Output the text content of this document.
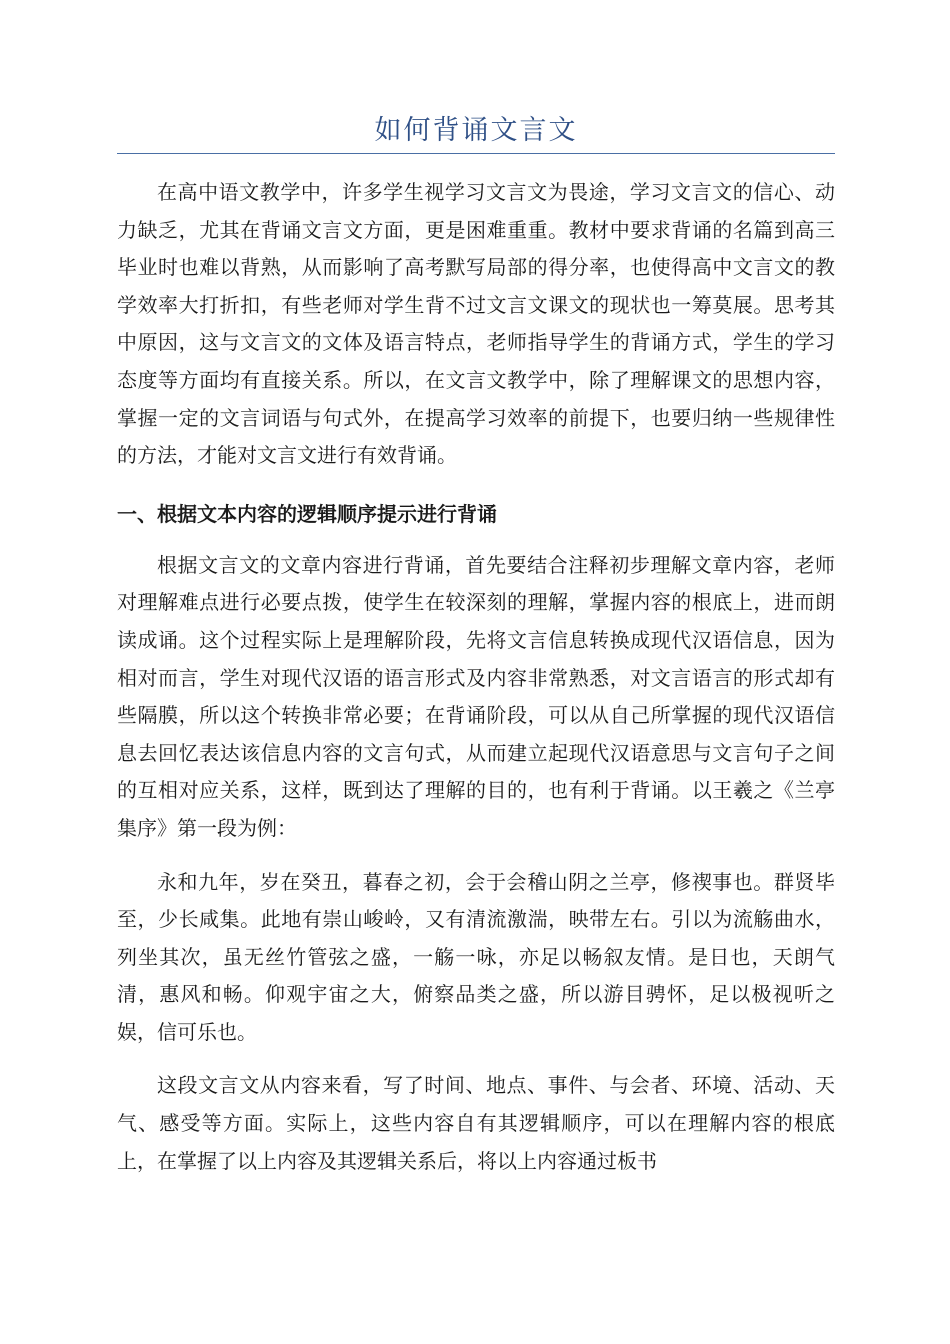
如何背诵文言文

在高中语文教学中，许多学生视学习文言文为畏途，学习文言文的信心、动力缺乏，尤其在背诵文言文方面，更是困难重重。教材中要求背诵的名篇到高三毕业时也难以背熟，从而影响了高考默写局部的得分率，也使得高中文言文的教学效率大打折扣，有些老师对学生背不过文言文课文的现状也一筹莫展。思考其中原因，这与文言文的文体及语言特点，老师指导学生的背诵方式，学生的学习态度等方面均有直接关系。所以，在文言文教学中，除了理解课文的思想内容，掌握一定的文言词语与句式外，在提高学习效率的前提下，也要归纳一些规律性的方法，才能对文言文进行有效背诵。

一、根据文本内容的逻辑顺序提示进行背诵

根据文言文的文章内容进行背诵，首先要结合注释初步理解文章内容，老师对理解难点进行必要点拨，使学生在较深刻的理解，掌握内容的根底上，进而朗读成诵。这个过程实际上是理解阶段，先将文言信息转换成现代汉语信息，因为相对而言，学生对现代汉语的语言形式及内容非常熟悉，对文言语言的形式却有些隔膜，所以这个转换非常必要；在背诵阶段，可以从自己所掌握的现代汉语信息去回忆表达该信息内容的文言句式，从而建立起现代汉语意思与文言句子之间的互相对应关系，这样，既到达了理解的目的，也有利于背诵。以王羲之《兰亭集序》第一段为例：

永和九年，岁在癸丑，暮春之初，会于会稽山阴之兰亭，修禊事也。群贤毕至，少长咸集。此地有崇山峻岭，又有清流激湍，映带左右。引以为流觞曲水，列坐其次，虽无丝竹管弦之盛，一觞一咏，亦足以畅叙友情。是日也，天朗气清，惠风和畅。仰观宇宙之大，俯察品类之盛，所以游目骋怀，足以极视听之娱，信可乐也。

这段文言文从内容来看，写了时间、地点、事件、与会者、环境、活动、天气、感受等方面。实际上，这些内容自有其逻辑顺序，可以在理解内容的根底上，在掌握了以上内容及其逻辑关系后，将以上内容通过板书
